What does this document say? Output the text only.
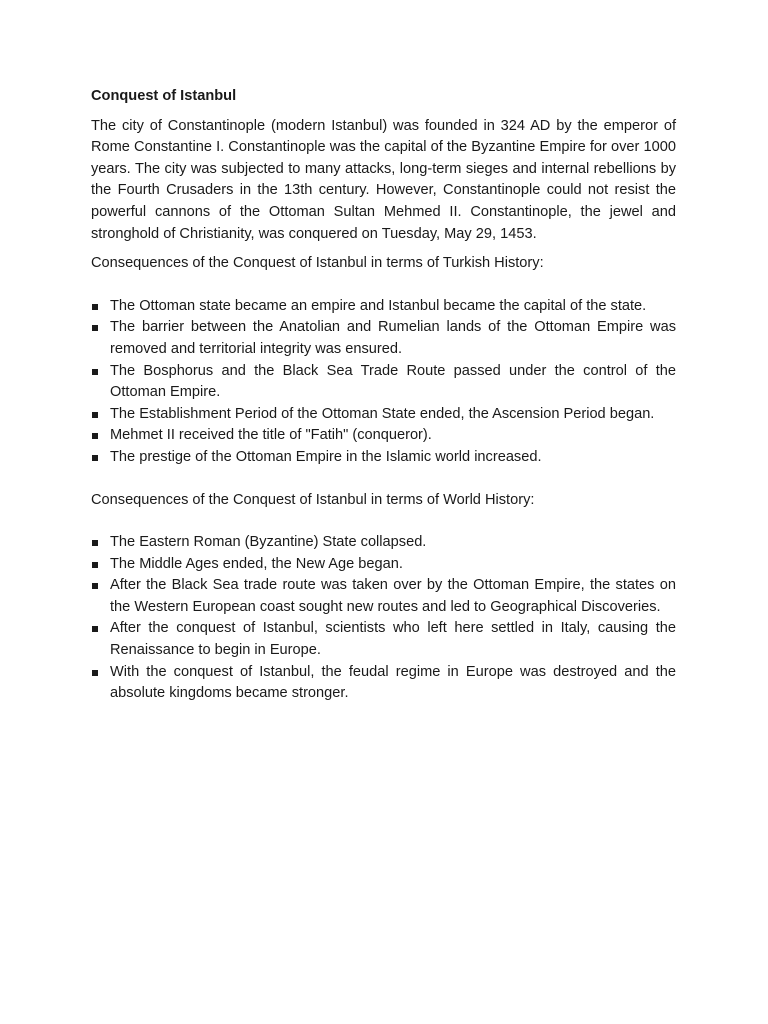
Conquest of Istanbul
The city of Constantinople (modern Istanbul) was founded in 324 AD by the emperor of Rome Constantine I. Constantinople was the capital of the Byzantine Empire for over 1000 years. The city was subjected to many attacks, long-term sieges and internal rebellions by the Fourth Crusaders in the 13th century. However, Constantinople could not resist the powerful cannons of the Ottoman Sultan Mehmed II. Constantinople, the jewel and stronghold of Christianity, was conquered on Tuesday, May 29, 1453.
Consequences of the Conquest of Istanbul in terms of Turkish History:
The Ottoman state became an empire and Istanbul became the capital of the state.
The barrier between the Anatolian and Rumelian lands of the Ottoman Empire was removed and territorial integrity was ensured.
The Bosphorus and the Black Sea Trade Route passed under the control of the Ottoman Empire.
The Establishment Period of the Ottoman State ended, the Ascension Period began.
Mehmet II received the title of "Fatih" (conqueror).
The prestige of the Ottoman Empire in the Islamic world increased.
Consequences of the Conquest of Istanbul in terms of World History:
The Eastern Roman (Byzantine) State collapsed.
The Middle Ages ended, the New Age began.
After the Black Sea trade route was taken over by the Ottoman Empire, the states on the Western European coast sought new routes and led to Geographical Discoveries.
After the conquest of Istanbul, scientists who left here settled in Italy, causing the Renaissance to begin in Europe.
With the conquest of Istanbul, the feudal regime in Europe was destroyed and the absolute kingdoms became stronger.
